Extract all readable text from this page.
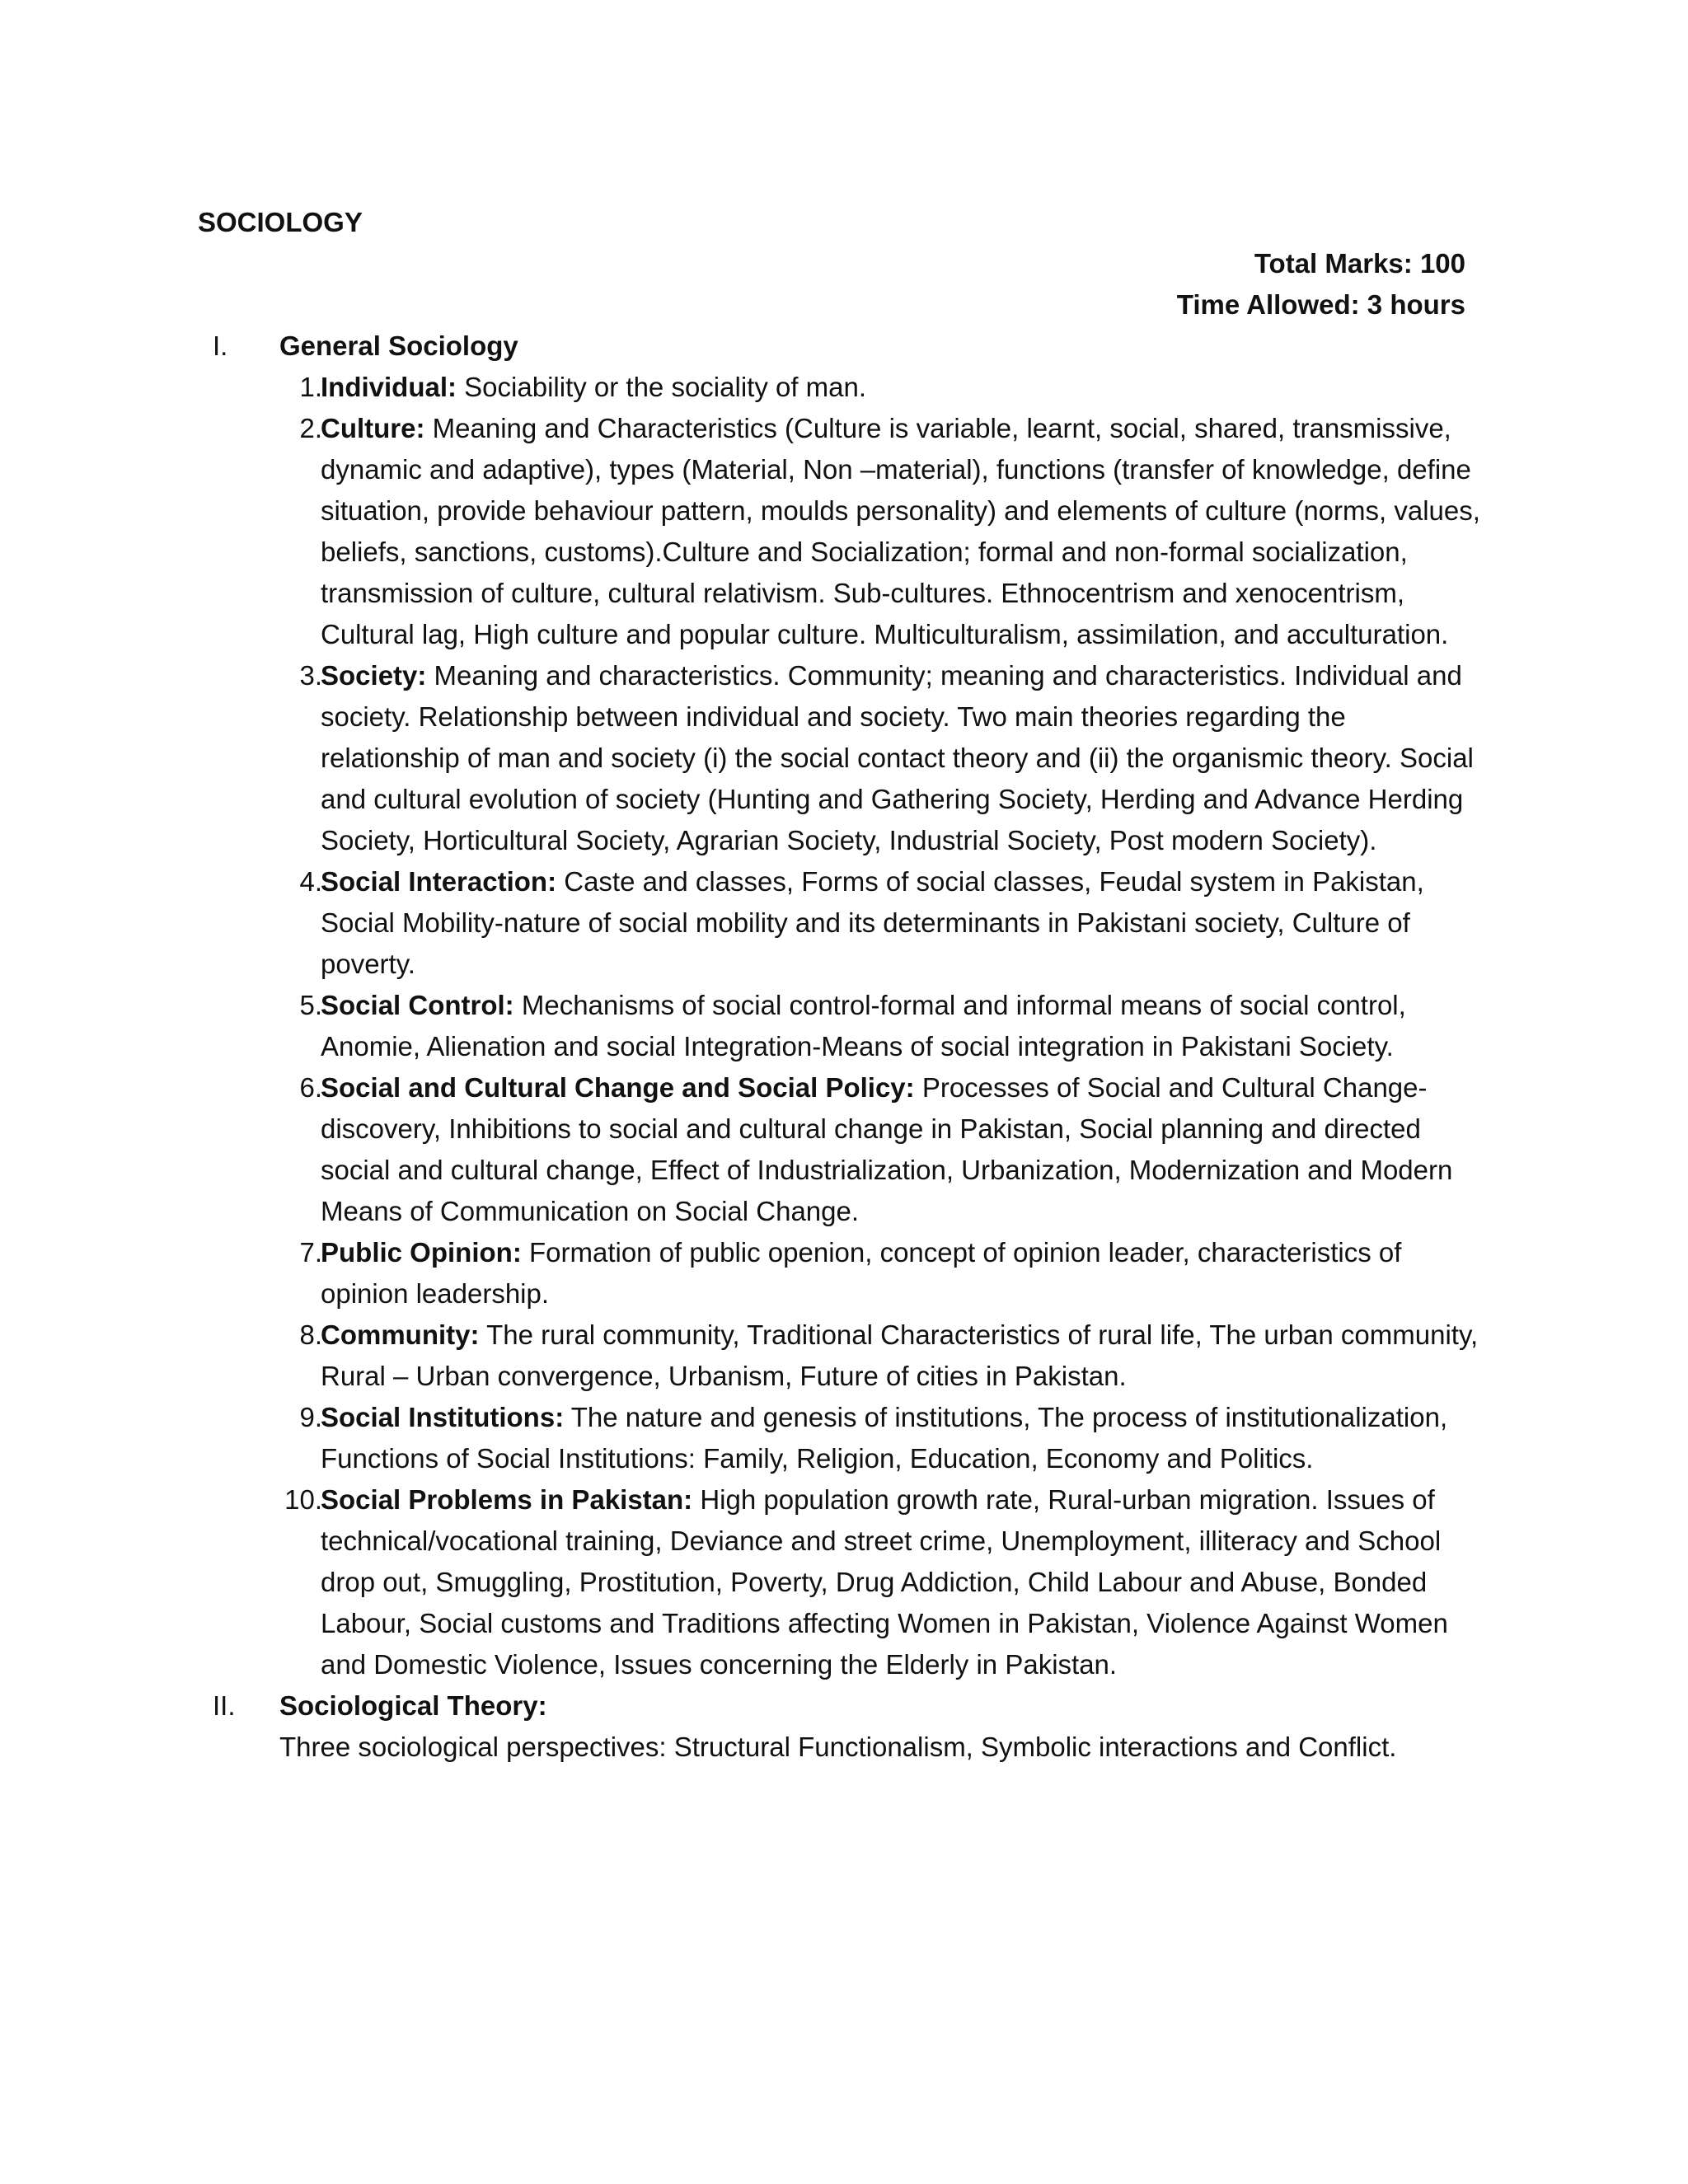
SOCIOLOGY
Total Marks: 100
Time Allowed: 3 hours
I. General Sociology
1.
Individual: Sociability or the sociality of man.
2.
Culture: Meaning and Characteristics (Culture is variable, learnt, social, shared, transmissive, dynamic and adaptive), types (Material, Non –material), functions (transfer of knowledge, define situation, provide behaviour pattern, moulds personality) and elements of culture (norms, values, beliefs, sanctions, customs).Culture and Socialization; formal and non-formal socialization, transmission of culture, cultural relativism. Sub-cultures. Ethnocentrism and xenocentrism, Cultural lag, High culture and popular culture. Multiculturalism, assimilation, and acculturation.
3.
Society: Meaning and characteristics. Community; meaning and characteristics. Individual and society. Relationship between individual and society. Two main theories regarding the relationship of man and society (i) the social contact theory and (ii) the organismic theory. Social and cultural evolution of society (Hunting and Gathering Society, Herding and Advance Herding Society, Horticultural Society, Agrarian Society, Industrial Society, Post modern Society).
4.
Social Interaction: Caste and classes, Forms of social classes, Feudal system in Pakistan, Social Mobility-nature of social mobility and its determinants in Pakistani society, Culture of poverty.
5.
Social Control: Mechanisms of social control-formal and informal means of social control, Anomie, Alienation and social Integration-Means of social integration in Pakistani Society.
6.
Social and Cultural Change and Social Policy: Processes of Social and Cultural Change-discovery, Inhibitions to social and cultural change in Pakistan, Social planning and directed social and cultural change, Effect of Industrialization, Urbanization, Modernization and Modern Means of Communication on Social Change.
7.
Public Opinion: Formation of public openion, concept of opinion leader, characteristics of opinion leadership.
8.
Community: The rural community, Traditional Characteristics of rural life, The urban community, Rural – Urban convergence, Urbanism, Future of cities in Pakistan.
9.
Social Institutions: The nature and genesis of institutions, The process of institutionalization, Functions of Social Institutions: Family, Religion, Education, Economy and Politics.
10.
Social Problems in Pakistan: High population growth rate, Rural-urban migration. Issues of technical/vocational training, Deviance and street crime, Unemployment, illiteracy and School drop out, Smuggling, Prostitution, Poverty, Drug Addiction, Child Labour and Abuse, Bonded Labour, Social customs and Traditions affecting Women in Pakistan, Violence Against Women and Domestic Violence, Issues concerning the Elderly in Pakistan.
II. Sociological Theory:
Three sociological perspectives: Structural Functionalism, Symbolic interactions and Conflict.
